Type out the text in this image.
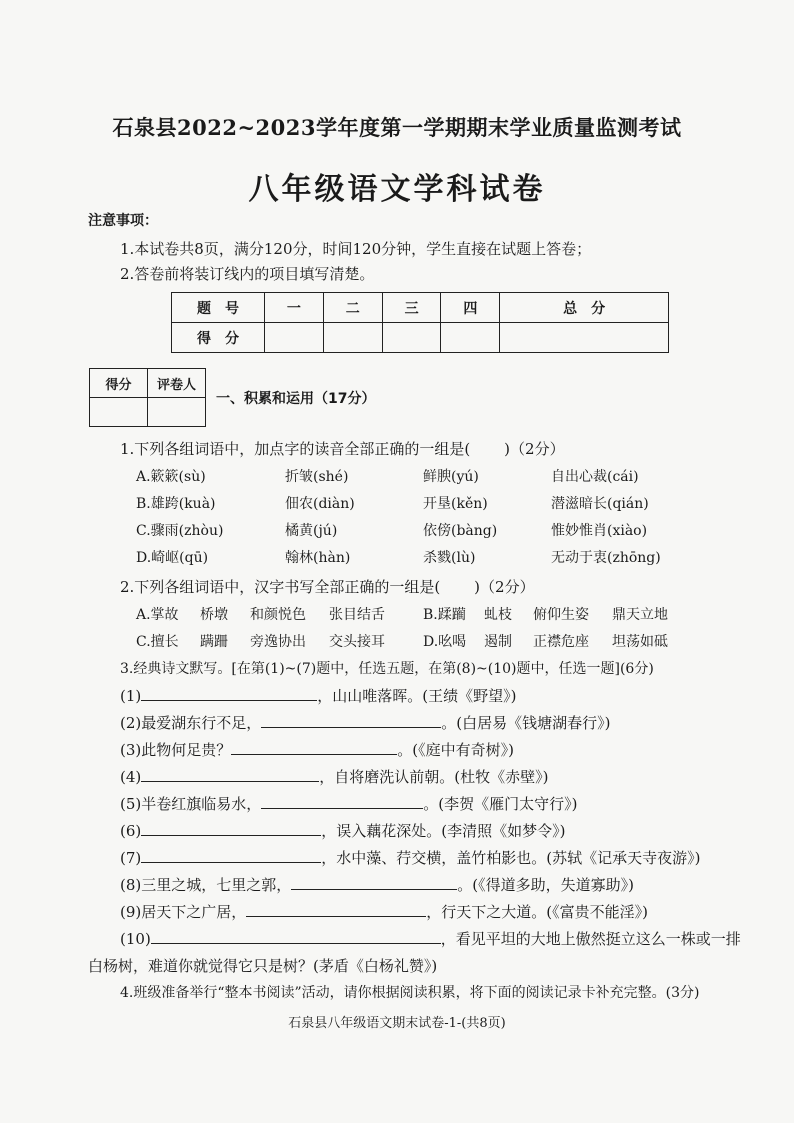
石泉县2022~2023学年度第一学期期末学业质量监测考试
八年级语文学科试卷
注意事项：
1.本试卷共8页，满分120分，时间120分钟，学生直接在试题上答卷；
2.答卷前将装订线内的项目填写清楚。
题　号	一	二	三	四	总　分
得　分					
得分	评卷人

一、积累和运用（17分）
1.下列各组词语中，加点字的读音全部正确的一组是( )（2分）
A.簌簌(sù)	折皱(shé)	鲜腴(yú)	自出心裁(cái)
B.雄跨(kuà)	佃农(diàn)	开垦(kěn)	潜滋暗长(qián)
C.骤雨(zhòu)	橘黄(jú)	依傍(bàng)	惟妙惟肖(xiào)
D.崎岖(qū)	翰林(hàn)	杀戮(lù)	无动于衷(zhōng)
2.下列各组词语中，汉字书写全部正确的一组是( )（2分）
A.掌故 桥墩 和颜悦色 张目结舌	B.蹂躏 虬枝 俯仰生姿 鼎天立地
C.擅长 蹒跚 旁逸协出 交头接耳	D.吆喝 遏制 正襟危座 坦荡如砥
3.经典诗文默写。[在第(1)~(7)题中，任选五题，在第(8)~(10)题中，任选一题](6分)
(1)	，山山唯落晖。(王绩《野望》)
(2)最爱湖东行不足，	。(白居易《钱塘湖春行》)
(3)此物何足贵？	。(《庭中有奇树》)
(4)	，自将磨洗认前朝。(杜牧《赤壁》)
(5)半卷红旗临易水，	。(李贺《雁门太守行》)
(6)	，误入藕花深处。(李清照《如梦令》)
(7)	，水中藻、荇交横，盖竹柏影也。(苏轼《记承天寺夜游》)
(8)三里之城，七里之郭，	。(《得道多助，失道寡助》)
(9)居天下之广居，	，行天下之大道。(《富贵不能淫》)
(10)	，看见平坦的大地上傲然挺立这么一株或一排
白杨树，难道你就觉得它只是树？(茅盾《白杨礼赞》)
4.班级准备举行“整本书阅读”活动，请你根据阅读积累，将下面的阅读记录卡补充完整。(3分)
石泉县八年级语文期末试卷-1-(共8页)
